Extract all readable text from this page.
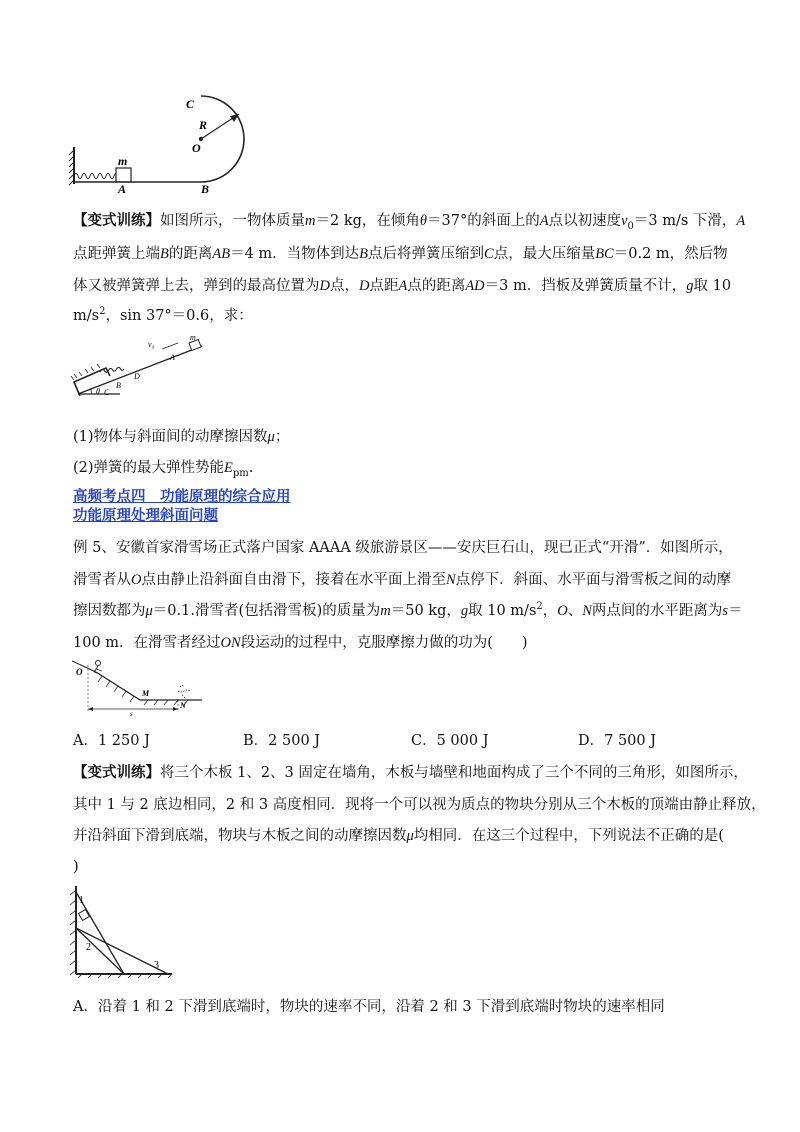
C
R
O
m
A	B
【变式训练】如图所示，一物体质量m＝2 kg，在倾角θ＝37°的斜面上的A点以初速度$v_0=3$ m/s 下滑，A
点距弹簧上端B的距离AB＝4 m．当物体到达B点后将弹簧压缩到C点，最大压缩量BC＝0.2 m，然后物
体又被弹簧弹上去，弹到的最高位置为D点，D点距A点的距离AD＝3 m．挡板及弹簧质量不计，g取 10
$m/s^2$，sin 37°＝0.6，求：
v₀
m
A
D
B
C
θ
(1)物体与斜面间的动摩擦因数μ；
(2)弹簧的最大弹性势能$E_{pm}$.
高频考点四　功能原理的综合应用
功能原理处理斜面问题
例 5、安徽首家滑雪场正式落户国家 AAAA 级旅游景区——安庆巨石山，现已正式“开滑”．如图所示，
滑雪者从O点由静止沿斜面自由滑下，接着在水平面上滑至N点停下．斜面、水平面与滑雪板之间的动摩
擦因数都为μ＝0.1.滑雪者(包括滑雪板)的质量为m＝50 kg，g取 10 $m/s^2$，O、N两点间的水平距离为s＝
100 m．在滑雪者经过ON段运动的过程中，克服摩擦力做的功为(　　)
O
M
N
s
A．1 250 J	B．2 500 J	C．5 000 J	D．7 500 J
【变式训练】将三个木板 1、2、3 固定在墙角，木板与墙壁和地面构成了三个不同的三角形，如图所示，
其中 1 与 2 底边相同，2 和 3 高度相同．现将一个可以视为质点的物块分别从三个木板的顶端由静止释放，
并沿斜面下滑到底端，物块与木板之间的动摩擦因数μ均相同．在这三个过程中，下列说法不正确的是(
)
1
2
3
A．沿着 1 和 2 下滑到底端时，物块的速率不同，沿着 2 和 3 下滑到底端时物块的速率相同
